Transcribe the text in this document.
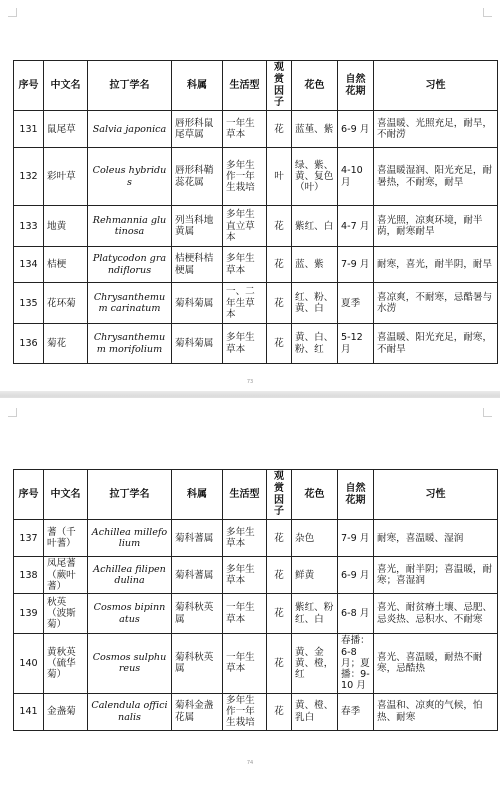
序号	中文名	拉丁学名	科属	生活型	观赏因子	花色	自然花期	习性
131	鼠尾草	Salvia japonica	唇形科鼠尾草属	一年生草本	花	蓝堇、紫	6-9 月	喜温暖、光照充足，耐旱，不耐涝
132	彩叶草	Coleus hybridus	唇形科鞘蕊花属	多年生作一年生栽培	叶	绿、紫、黄、复色（叶）	4-10 月	喜温暖湿润、阳光充足，耐暑热，不耐寒，耐旱
133	地黄	Rehmannia glutinosa	列当科地黄属	多年生直立草本	花	紫红、白	4-7 月	喜光照，凉爽环境，耐半荫，耐寒耐旱
134	桔梗	Platycodon grandiflorus	桔梗科桔梗属	多年生草本	花	蓝、紫	7-9 月	耐寒，喜光，耐半阴，耐旱
135	花环菊	Chrysanthemum carinatum	菊科菊属	一、二年生草本	花	红、粉、黄、白	夏季	喜凉爽，不耐寒，忌酷暑与水涝
136	菊花	Chrysanthemum morifolium	菊科菊属	多年生草本	花	黄、白、粉、红	5-12 月	喜温暖、阳光充足，耐寒，不耐旱
73
序号	中文名	拉丁学名	科属	生活型	观赏因子	花色	自然花期	习性
137	蓍（千叶蓍）	Achillea millefolium	菊科蓍属	多年生草本	花	杂色	7-9 月	耐寒，喜温暖、湿润
138	凤尾蓍（蕨叶蓍）	Achillea filipendulina	菊科蓍属	多年生草本	花	鲜黄	6-9 月	喜光，耐半阴；喜温暖，耐寒；喜湿润
139	秋英（波斯菊）	Cosmos bipinnatus	菊科秋英属	一年生草本	花	紫红、粉红、白	6-8 月	喜光、耐贫瘠土壤、忌肥、忌炎热、忌积水、不耐寒
140	黄秋英（硫华菊）	Cosmos sulphureus	菊科秋英属	一年生草本	花	黄、金黄、橙，红	春播：6-8 月；夏播：9-10 月	喜光、喜温暖，耐热不耐寒，忌酷热
141	金盏菊	Calendula officinalis	菊科金盏花属	多年生作一年生栽培	花	黄、橙、乳白	春季	喜温和、凉爽的气候，怕热、耐寒
74
